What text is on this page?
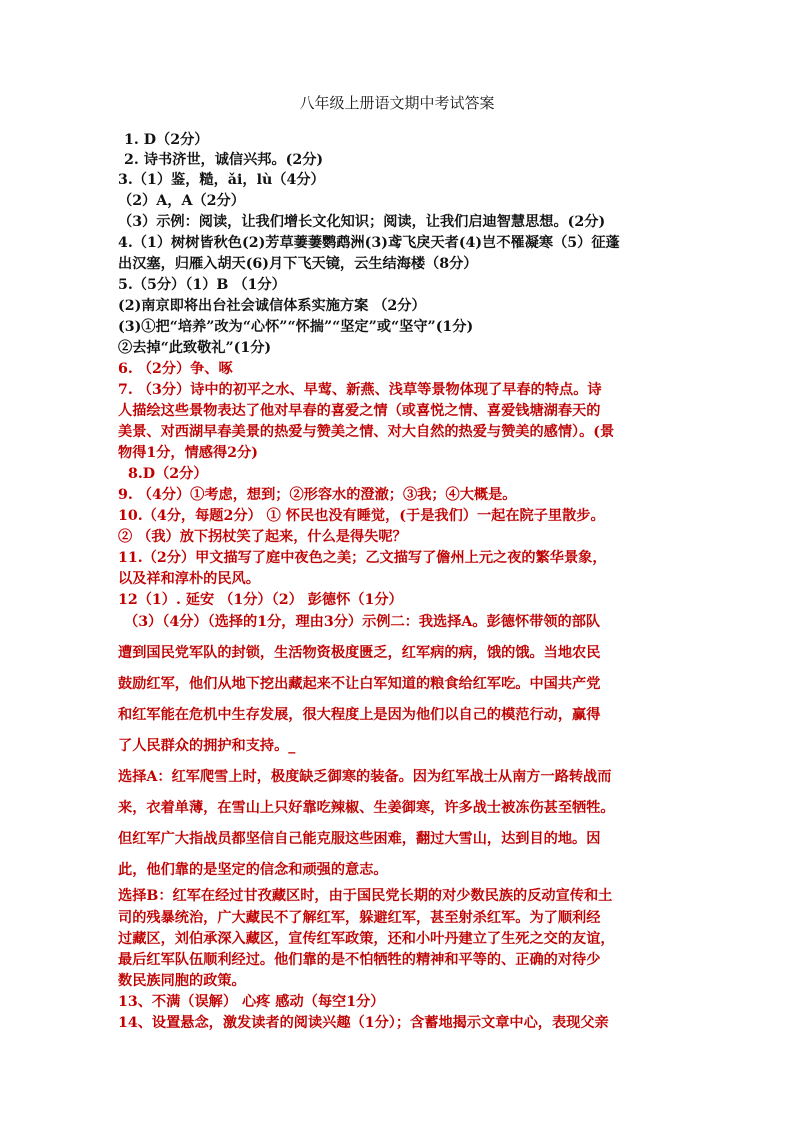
八年级上册语文期中考试答案
1. D（2分）
2. 诗书济世，诚信兴邦。(2分)
3.（1）鉴，糙，ǎi，lù（4分）
（2）A，A（2分）
（3）示例：阅读，让我们增长文化知识；阅读，让我们启迪智慧思想。(2分)
4.（1）树树皆秋色(2)芳草萋萋鹦鹉洲(3)鸢飞戾天者(4)岂不罹凝寒（5）征蓬
出汉塞，归雁入胡天(6)月下飞天镜，云生结海楼（8分）
5.（5分）（1）B （1分）
(2)南京即将出台社会诚信体系实施方案 （2分）
(3)①把“培养”改为“心怀”“怀揣”“坚定”或“坚守”(1分)
②去掉“此致敬礼”(1分)
6. （2分）争、啄
7. （3分）诗中的初平之水、早莺、新燕、浅草等景物体现了早春的特点。诗
人描绘这些景物表达了他对早春的喜爱之情（或喜悦之情、喜爱钱塘湖春天的
美景、对西湖早春美景的热爱与赞美之情、对大自然的热爱与赞美的感情）。(景
物得1分，情感得2分)
8.D（2分）
9. （4分）①考虑，想到；②形容水的澄澈；③我；④大概是。
10.（4分，每题2分） ① 怀民也没有睡觉，(于是我们）一起在院子里散步。
② （我）放下拐杖笑了起来，什么是得失呢？
11.（2分）甲文描写了庭中夜色之美；乙文描写了儋州上元之夜的繁华景象，
以及祥和淳朴的民风。
12（1）. 延安 （1分）（2） 彭德怀（1分）
（3）（4分）（选择的1分，理由3分）示例二：我选择A。彭德怀带领的部队
遭到国民党军队的封锁，生活物资极度匮乏，红军病的病，饿的饿。当地农民
鼓励红军，他们从地下挖出藏起来不让白军知道的粮食给红军吃。中国共产党
和红军能在危机中生存发展，很大程度上是因为他们以自己的模范行动，赢得
了人民群众的拥护和支持。_
选择A：红军爬雪上时，极度缺乏御寒的装备。因为红军战士从南方一路转战而
来，衣着单薄，在雪山上只好靠吃辣椒、生姜御寒，许多战士被冻伤甚至牺牲。
但红军广大指战员都坚信自己能克服这些困难，翻过大雪山，达到目的地。因
此，他们靠的是坚定的信念和顽强的意志。
选择B：红军在经过甘孜藏区时，由于国民党长期的对少数民族的反动宣传和土
司的残暴统治，广大藏民不了解红军，躲避红军，甚至射杀红军。为了顺利经
过藏区，刘伯承深入藏区，宣传红军政策，还和小叶丹建立了生死之交的友谊，
最后红军队伍顺利经过。他们靠的是不怕牺牲的精神和平等的、正确的对待少
数民族同胞的政策。
13、不满（误解） 心疼 感动（每空1分）
14、设置悬念，激发读者的阅读兴趣（1分）；含蓄地揭示文章中心，表现父亲
